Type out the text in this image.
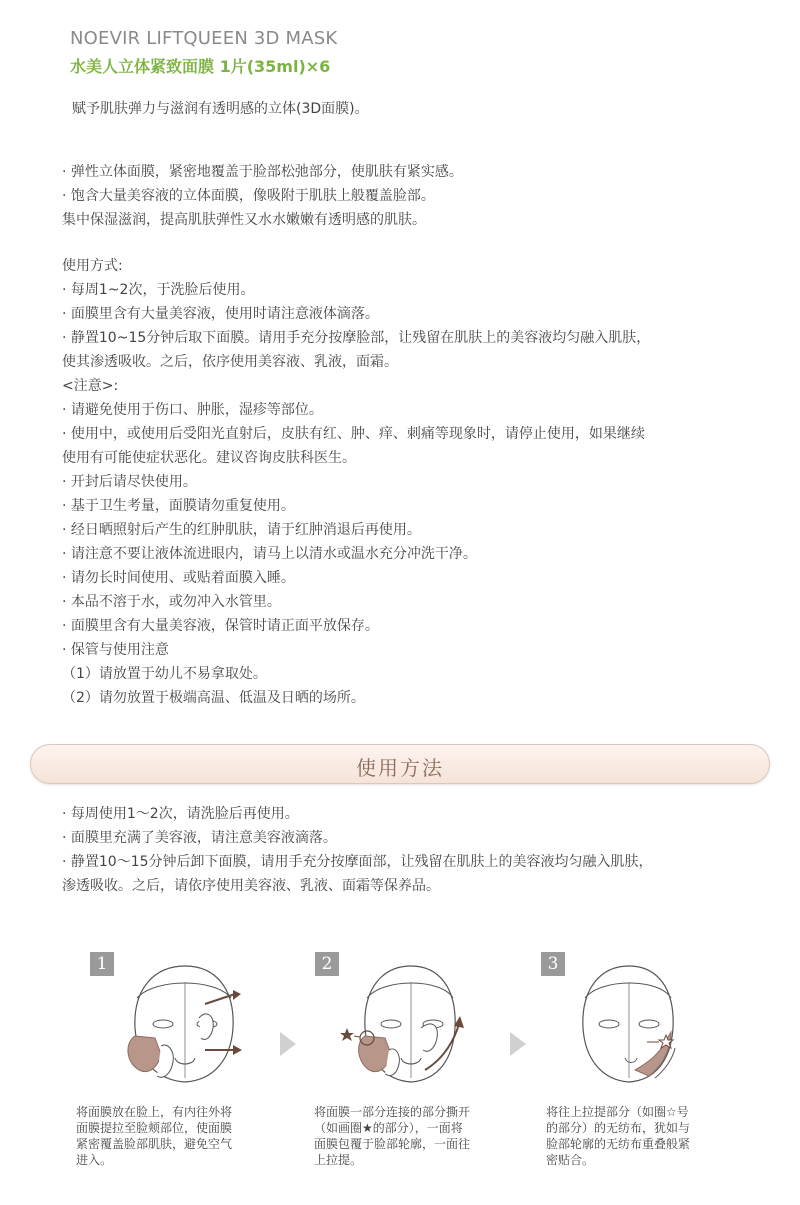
NOEVIR LIFTQUEEN 3D MASK
水美人立体紧致面膜 1片(35ml)×6
赋予肌肤弹力与滋润有透明感的立体(3D面膜)。
· 弹性立体面膜，紧密地覆盖于脸部松弛部分，使肌肤有紧实感。
· 饱含大量美容液的立体面膜，像吸附于肌肤上般覆盖脸部。
集中保湿滋润，提高肌肤弹性又水水嫩嫩有透明感的肌肤。
使用方式:
· 每周1~2次，于洗脸后使用。
· 面膜里含有大量美容液，使用时请注意液体滴落。
· 静置10~15分钟后取下面膜。请用手充分按摩脸部，让残留在肌肤上的美容液均匀融入肌肤，
使其渗透吸收。之后，依序使用美容液、乳液，面霜。
<注意>:
· 请避免使用于伤口、肿胀，湿疹等部位。
· 使用中，或使用后受阳光直射后，皮肤有红、肿、痒、刺痛等现象时，请停止使用，如果继续
使用有可能使症状恶化。建议咨询皮肤科医生。
· 开封后请尽快使用。
· 基于卫生考量，面膜请勿重复使用。
· 经日晒照射后产生的红肿肌肤，请于红肿消退后再使用。
· 请注意不要让液体流进眼内，请马上以清水或温水充分冲洗干净。
· 请勿长时间使用、或贴着面膜入睡。
· 本品不溶于水，或勿冲入水管里。
· 面膜里含有大量美容液，保管时请正面平放保存。
· 保管与使用注意
（1）请放置于幼儿不易拿取处。
（2）请勿放置于极端高温、低温及日晒的场所。
使用方法
· 每周使用1～2次，请洗脸后再使用。
· 面膜里充满了美容液，请注意美容液滴落。
· 静置10～15分钟后卸下面膜，请用手充分按摩面部，让残留在肌肤上的美容液均匀融入肌肤，
渗透吸收。之后，请依序使用美容液、乳液、面霜等保养品。
1
将面膜放在脸上，有内往外将
面膜提拉至脸颊部位，使面膜
紧密覆盖脸部肌肤，避免空气
进入。
2
将面膜一部分连接的部分撕开
（如画圈★的部分），一面将
面膜包覆于脸部轮廓，一面往
上拉提。
3
将往上拉提部分（如圈☆号
的部分）的无纺布，犹如与
脸部轮廓的无纺布重叠般紧
密贴合。
